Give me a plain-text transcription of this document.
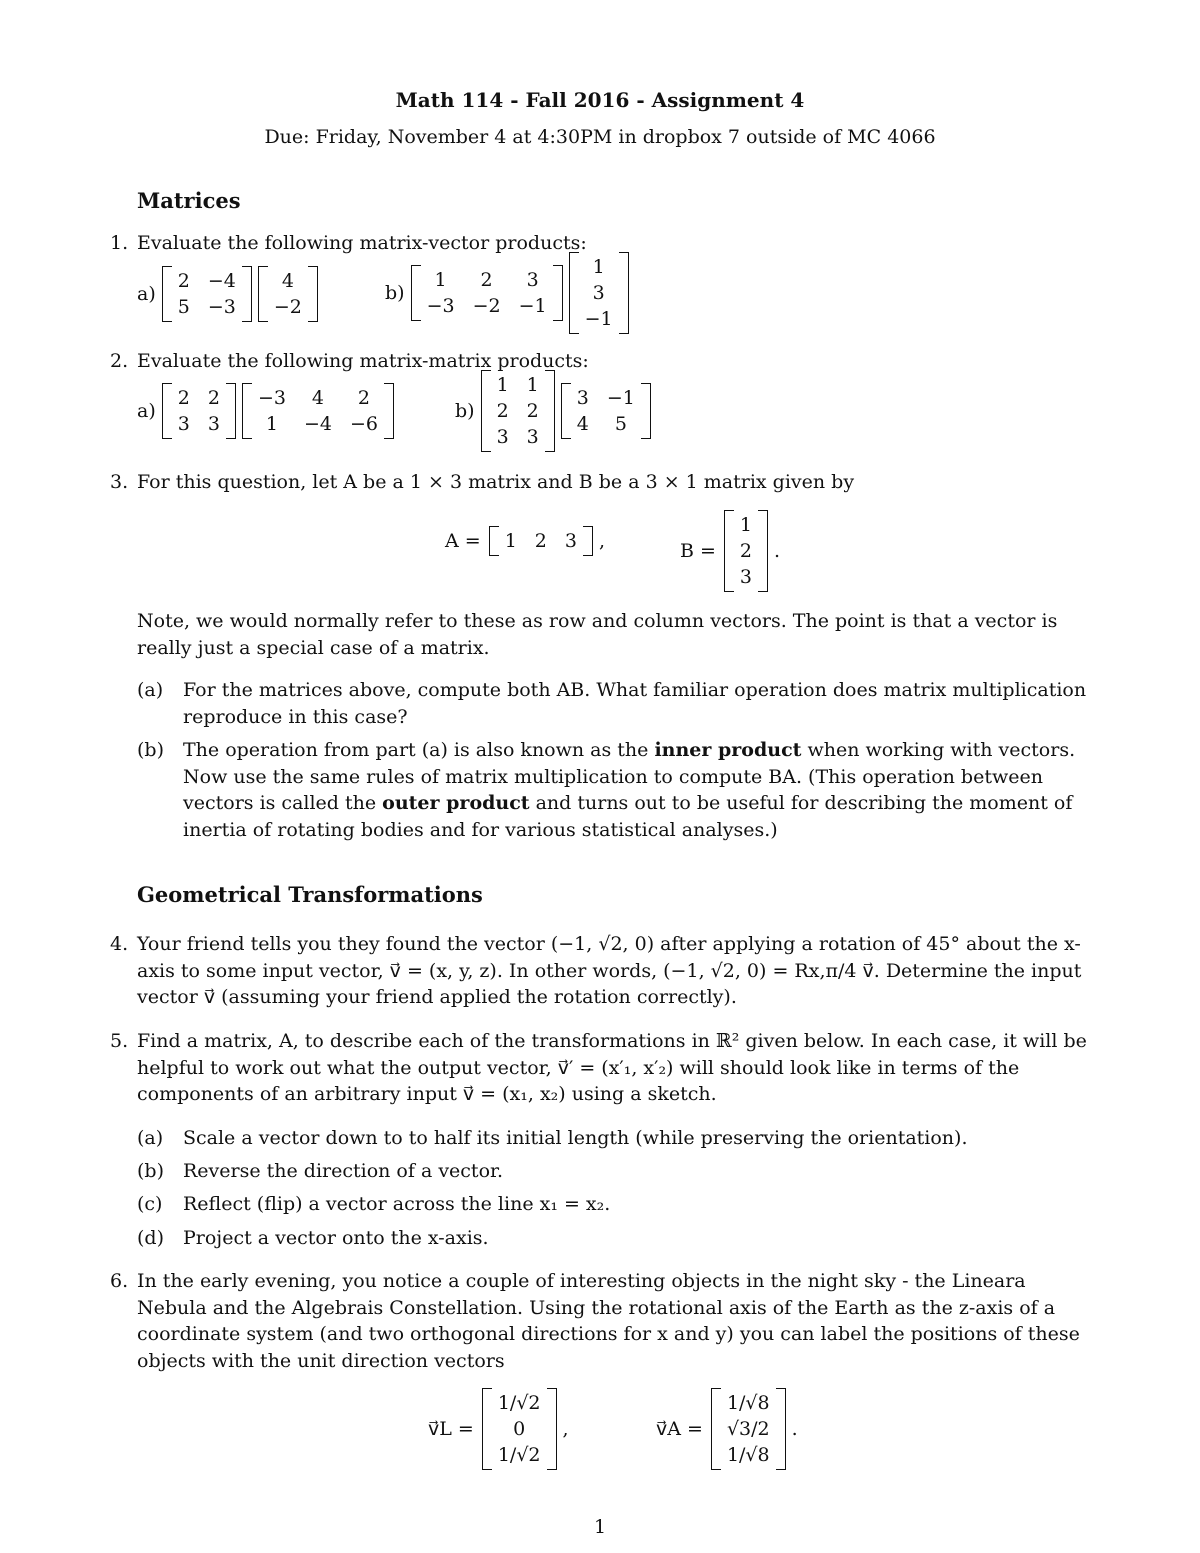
Math 114 - Fall 2016 - Assignment 4
Due: Friday, November 4 at 4:30PM in dropbox 7 outside of MC 4066
Matrices
1. Evaluate the following matrix-vector products:
a)
2 −4
5 −3
4
−2
b)
1	2	3
−3 −2 −1
1
3
−1
2. Evaluate the following matrix-matrix products:
a)
2 2
3 3
−3	4	2
1	−4 −6
b)
1 1
2 2
3 3
3 −1
4	5
3. For this question, let A be a 1 × 3 matrix and B be a 3 × 1 matrix given by
A = 1 2 3 ,	B =
1
2
3
.
Note, we would normally refer to these as row and column vectors. The point is that a vector is really just a special case of a matrix.
(a) For the matrices above, compute both AB. What familiar operation does matrix multiplication reproduce in this case?
(b) The operation from part (a) is also known as the inner product when working with vectors. Now use the same rules of matrix multiplication to compute BA. (This operation between vectors is called the outer product and turns out to be useful for describing the moment of inertia of rotating bodies and for various statistical analyses.)
Geometrical Transformations
4. Your friend tells you they found the vector (−1, √2, 0) after applying a rotation of 45° about the x-axis to some input vector, v⃗ = (x, y, z). In other words, (−1, √2, 0) = Rx,π/4 v⃗. Determine the input vector v⃗ (assuming your friend applied the rotation correctly).
5. Find a matrix, A, to describe each of the transformations in ℝ² given below. In each case, it will be helpful to work out what the output vector, v⃗′ = (x′₁, x′₂) will should look like in terms of the components of an arbitrary input v⃗ = (x₁, x₂) using a sketch.
(a) Scale a vector down to to half its initial length (while preserving the orientation).
(b) Reverse the direction of a vector.
(c) Reflect (flip) a vector across the line x₁ = x₂.
(d) Project a vector onto the x-axis.
6. In the early evening, you notice a couple of interesting objects in the night sky - the Lineara Nebula and the Algebrais Constellation. Using the rotational axis of the Earth as the z-axis of a coordinate system (and two orthogonal directions for x and y) you can label the positions of these objects with the unit direction vectors
v⃗L =
1/√2
0
1/√2
,	v⃗A =
1/√8
√3/2
1/√8
.
1
